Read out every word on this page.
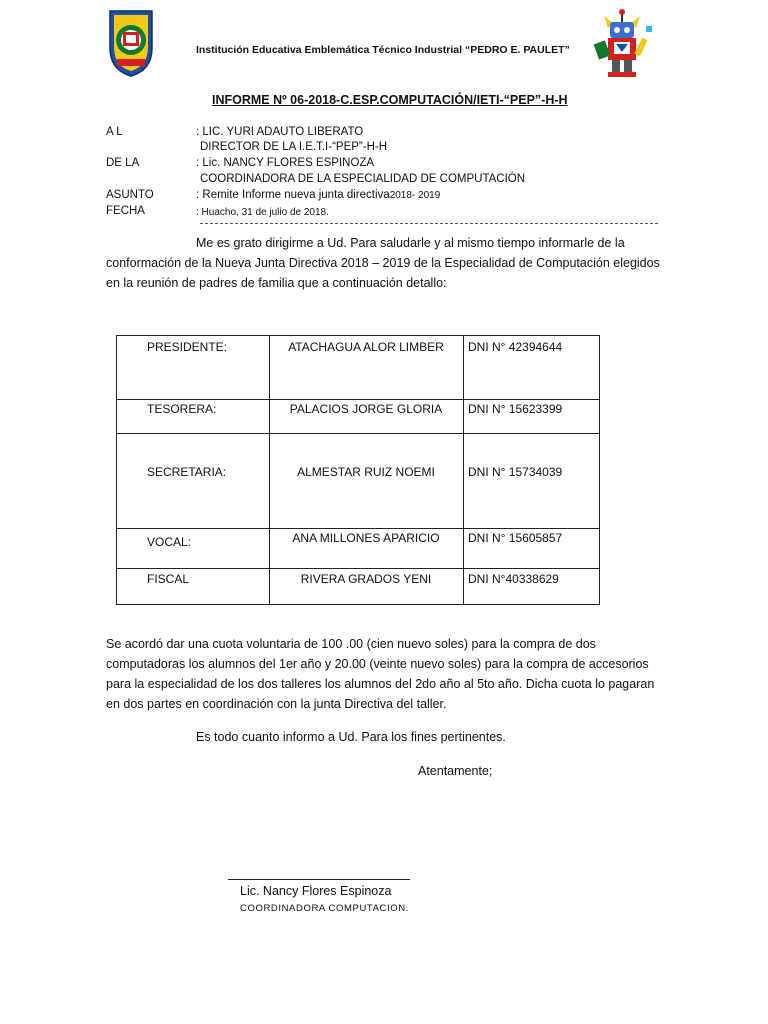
Institución Educativa Emblemática Técnico Industrial “PEDRO E. PAULET”
INFORME Nº 06-2018-C.ESP.COMPUTACIÓN/IETI-“PEP”-H-H
A L	: LIC. YURI ADAUTO LIBERATO
DIRECTOR DE LA I.E.T.I-“PEP”-H-H
DE LA	: Lic. NANCY FLORES ESPINOZA
COORDINADORA DE LA ESPECIALIDAD DE COMPUTACIÓN
ASUNTO	: Remite Informe nueva junta directiva2018- 2019
FECHA	: Huacho, 31 de julio de 2018.
Me es grato dirigirme a Ud. Para saludarle y al mismo tiempo informarle de la
conformación de la Nueva Junta Directiva 2018 – 2019 de la Especialidad de Computación elegidos
en la reunión de padres de familia que a continuación detallo:
PRESIDENTE:	ATACHAGUA ALOR LIMBER	DNI N° 42394644
TESORERA:	PALACIOS JORGE GLORIA	DNI N° 15623399
SECRETARIA:	ALMESTAR RUIZ NOEMI	DNI N° 15734039
VOCAL:	ANA MILLONES APARICIO	DNI N° 15605857
FISCAL	RIVERA GRADOS YENI	DNI N°40338629
Se acordó dar una cuota voluntaria de 100 .00 (cien nuevo soles) para la compra de dos
computadoras los alumnos del 1er año y 20.00 (veinte nuevo soles) para la compra de accesorios
para la especialidad de los dos talleres los alumnos del 2do año al 5to año. Dicha cuota lo pagaran
en dos partes en coordinación con la junta Directiva del taller.
Es todo cuanto informo a Ud. Para los fines pertinentes.
Atentamente;
Lic. Nancy Flores Espinoza
COORDINADORA COMPUTACION.
